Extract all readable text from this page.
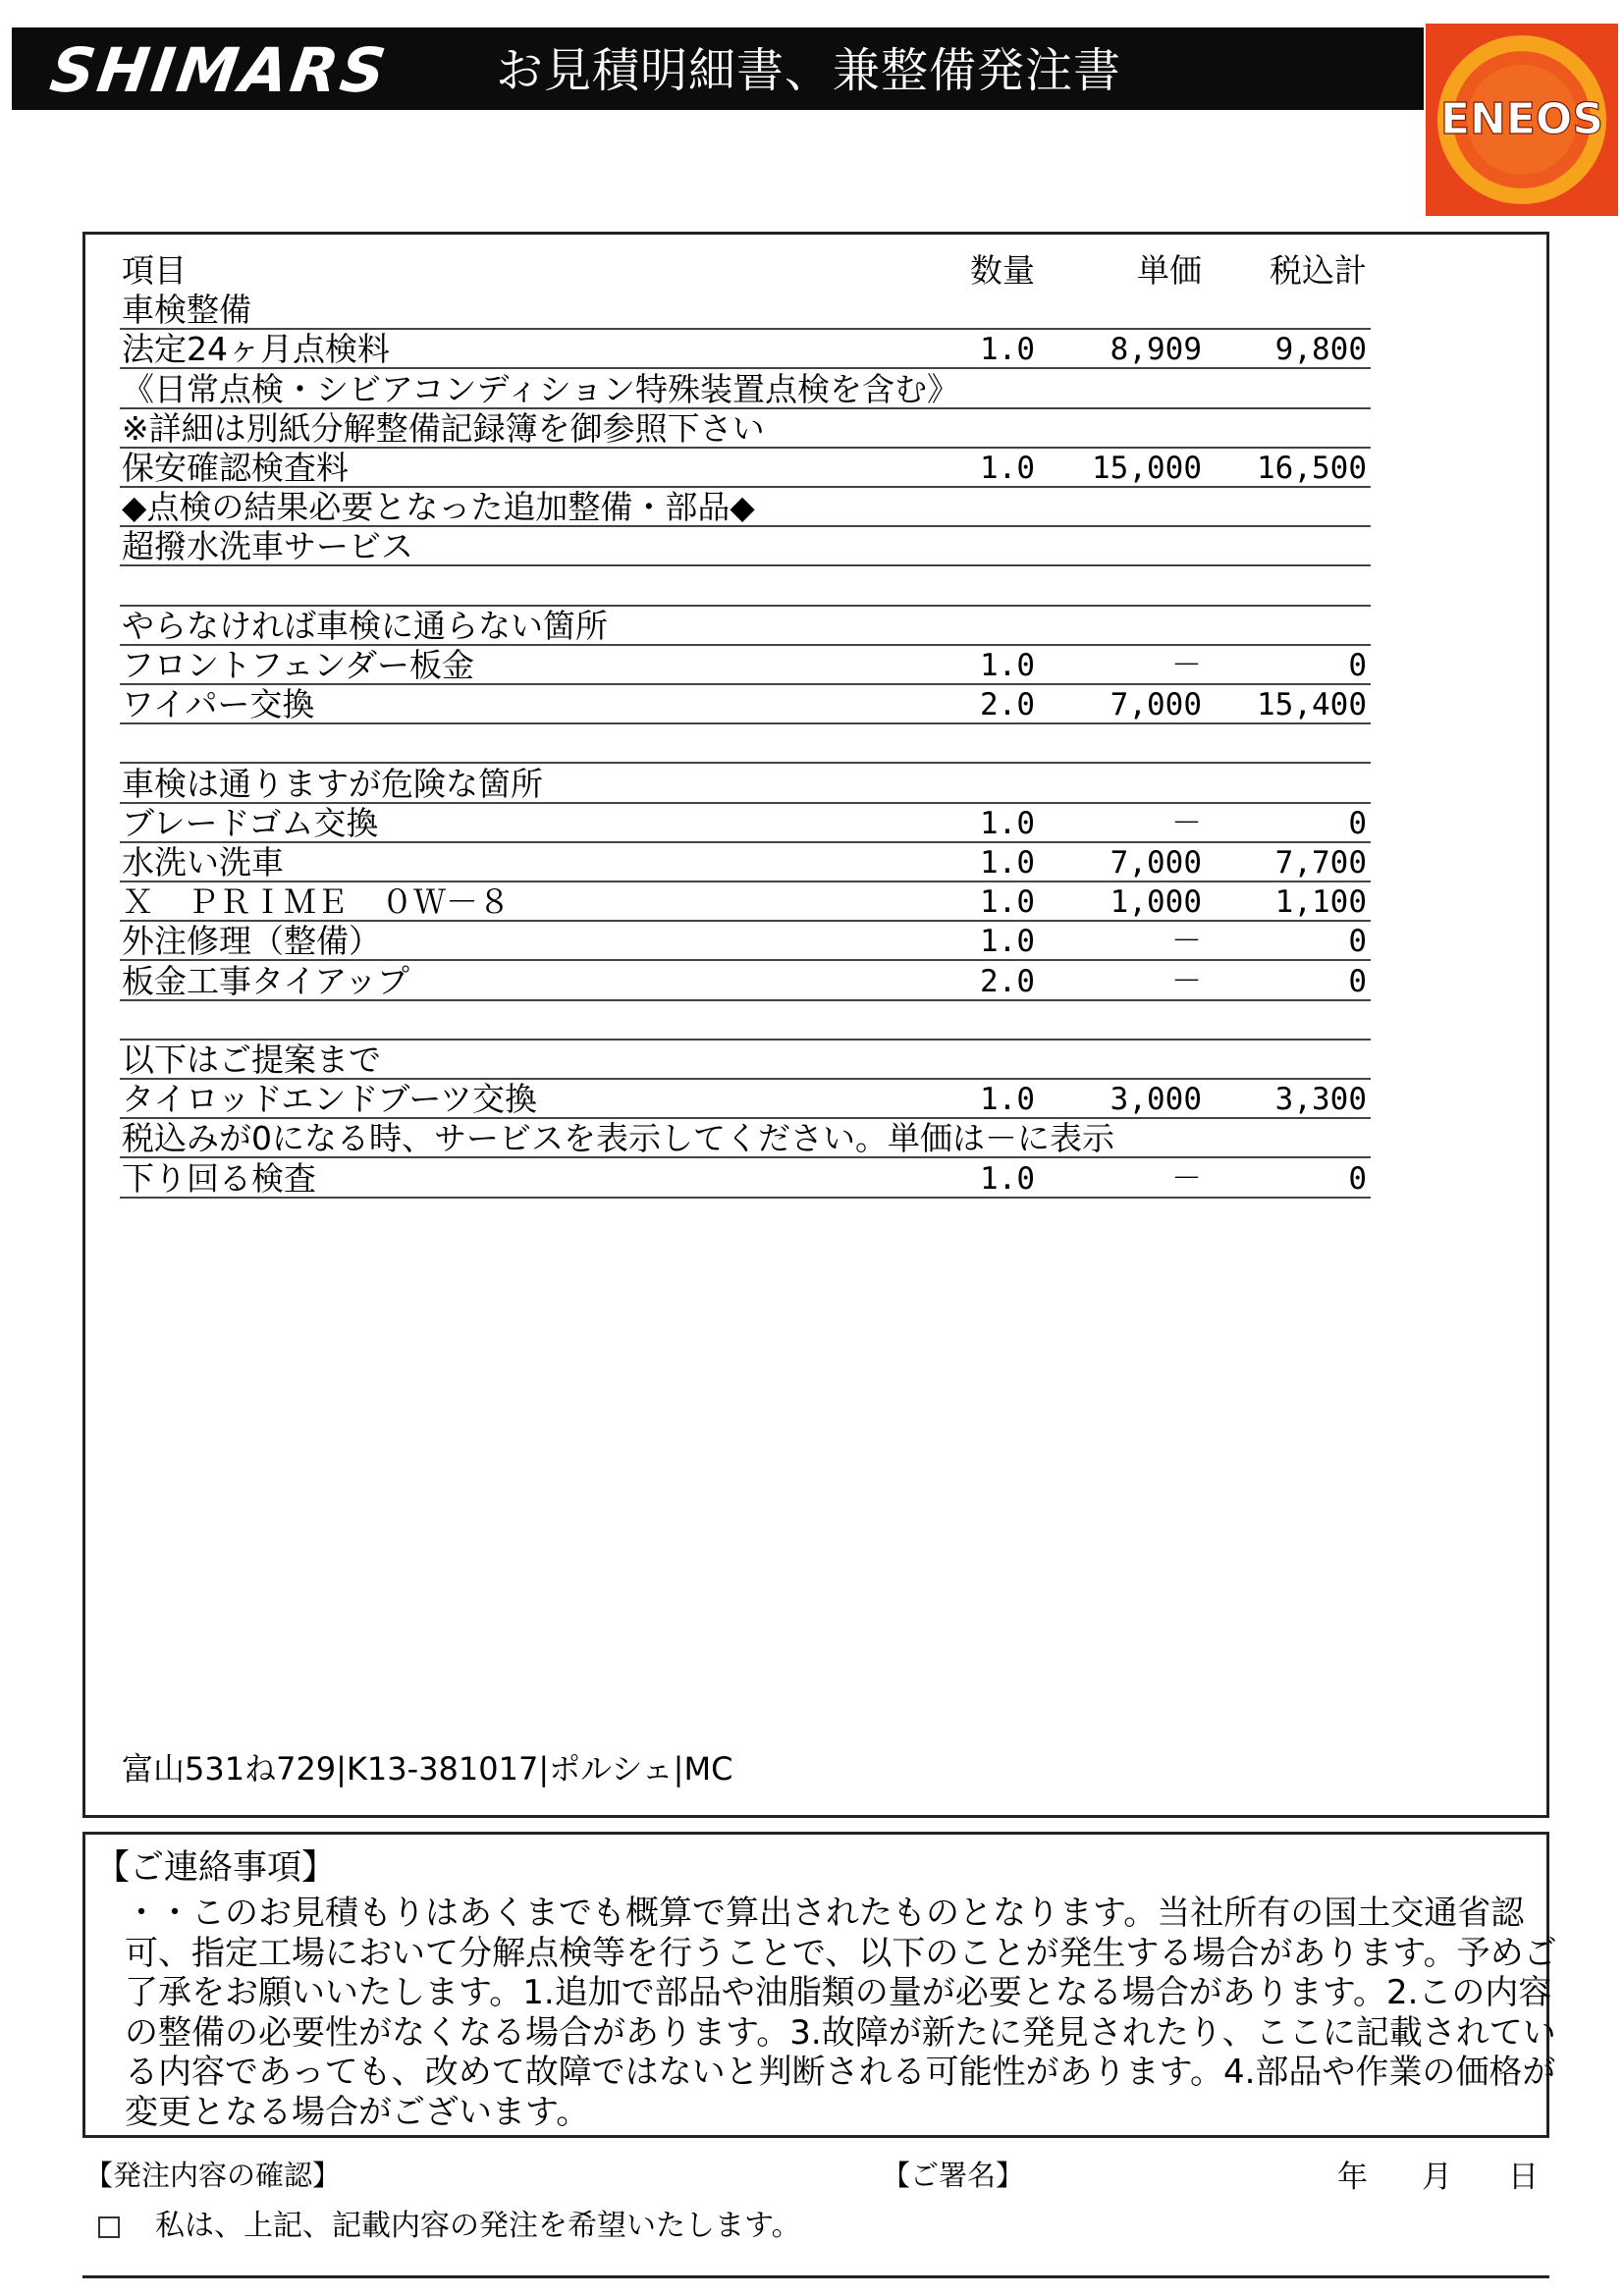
SHIMARS お見積明細書、兼整備発注書
ENEOS
項目	数量	単価 税込計
車検整備
法定24ヶ月点検料	1.0 8,909 9,800
《日常点検・シビアコンディション特殊装置点検を含む》
※詳細は別紙分解整備記録簿を御参照下さい
保安確認検査料	1.0 15,000 16,500
◆点検の結果必要となった追加整備・部品◆
超撥水洗車サービス
やらなければ車検に通らない箇所
フロントフェンダー板金	1.0	－	0
ワイパー交換	2.0 7,000 15,400
車検は通りますが危険な箇所
ブレードゴム交換	1.0	－	0
水洗い洗車	1.0 7,000 7,700
Ｘ　ＰＲＩＭＥ　０Ｗ－８	1.0 1,000 1,100
外注修理（整備）	1.0	－	0
板金工事タイアップ	2.0	－	0
以下はご提案まで
タイロッドエンドブーツ交換	1.0 3,000 3,300
税込みが0になる時、サービスを表示してください。単価は－に表示
下り回る検査	1.0	－	0
富山531ね729|K13-381017|ポルシェ|MC
【ご連絡事項】

・・このお見積もりはあくまでも概算で算出されたものとなります。当社所有の国土交通省認
可、指定工場において分解点検等を行うことで、以下のことが発生する場合があります。予めご
了承をお願いいたします。1.追加で部品や油脂類の量が必要となる場合があります。2.この内容
の整備の必要性がなくなる場合があります。3.故障が新たに発見されたり、ここに記載されてい
る内容であっても、改めて故障ではないと判断される可能性があります。4.部品や作業の価格が
変更となる場合がございます。

【発注内容の確認】	【ご署名】	年 月 日
私は、上記、記載内容の発注を希望いたします。
